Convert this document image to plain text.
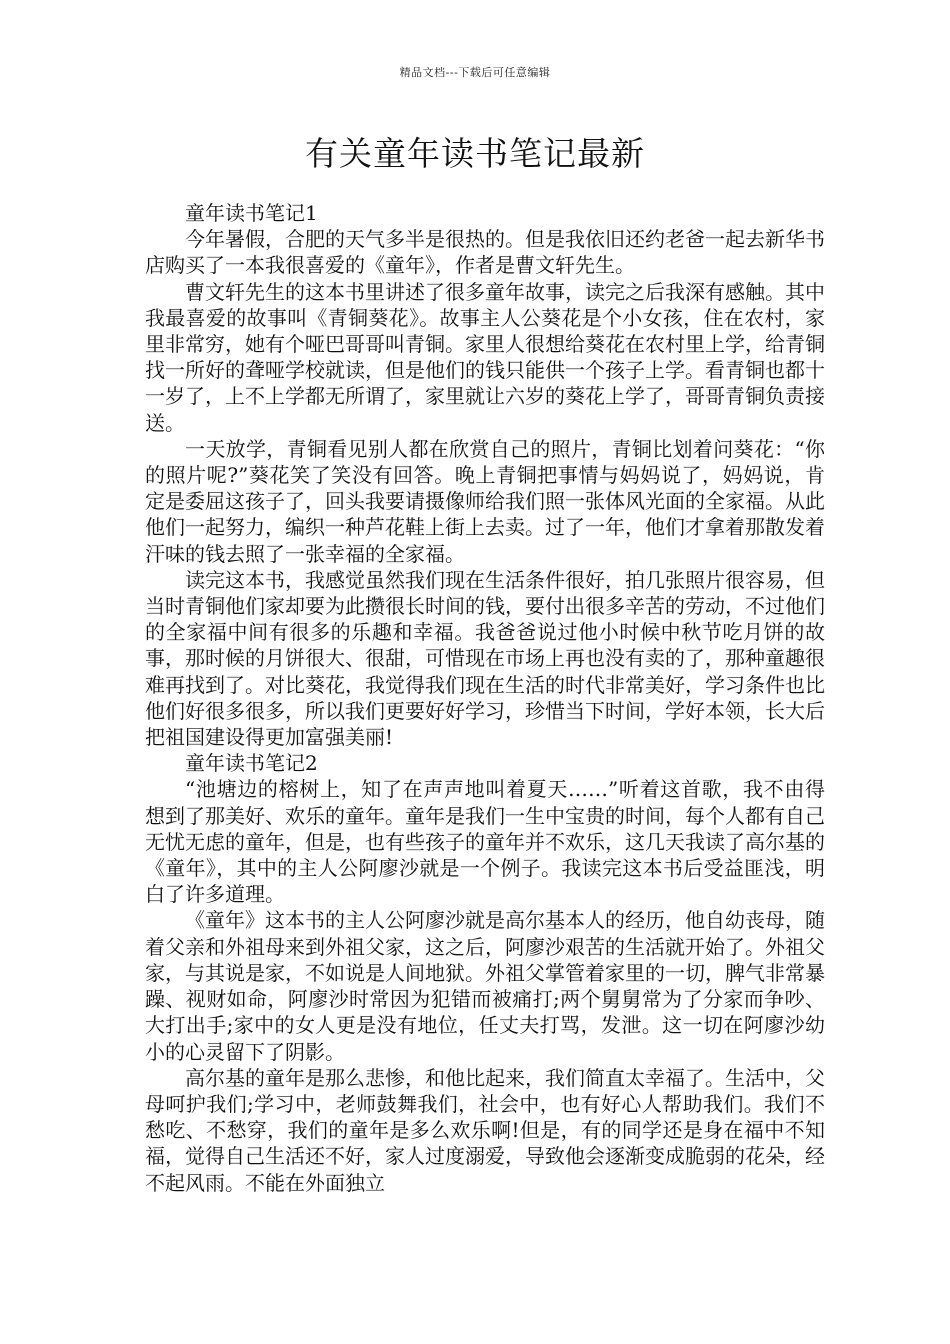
精品文档---下载后可任意编辑
有关童年读书笔记最新

童年读书笔记1

今年暑假，合肥的天气多半是很热的。但是我依旧还约老爸一起去新华书店购买了一本我很喜爱的《童年》，作者是曹文轩先生。

曹文轩先生的这本书里讲述了很多童年故事，读完之后我深有感触。其中我最喜爱的故事叫《青铜葵花》。故事主人公葵花是个小女孩，住在农村，家里非常穷，她有个哑巴哥哥叫青铜。家里人很想给葵花在农村里上学，给青铜找一所好的聋哑学校就读，但是他们的钱只能供一个孩子上学。看青铜也都十一岁了，上不上学都无所谓了，家里就让六岁的葵花上学了，哥哥青铜负责接送。

一天放学，青铜看见别人都在欣赏自己的照片，青铜比划着问葵花：“你的照片呢?”葵花笑了笑没有回答。晚上青铜把事情与妈妈说了，妈妈说，肯定是委屈这孩子了，回头我要请摄像师给我们照一张体风光面的全家福。从此他们一起努力，编织一种芦花鞋上街上去卖。过了一年，他们才拿着那散发着汗味的钱去照了一张幸福的全家福。

读完这本书，我感觉虽然我们现在生活条件很好，拍几张照片很容易，但当时青铜他们家却要为此攒很长时间的钱，要付出很多辛苦的劳动，不过他们的全家福中间有很多的乐趣和幸福。我爸爸说过他小时候中秋节吃月饼的故事，那时候的月饼很大、很甜，可惜现在市场上再也没有卖的了，那种童趣很难再找到了。对比葵花，我觉得我们现在生活的时代非常美好，学习条件也比他们好很多很多，所以我们更要好好学习，珍惜当下时间，学好本领，长大后把祖国建设得更加富强美丽!

童年读书笔记2

“池塘边的榕树上，知了在声声地叫着夏天……”听着这首歌，我不由得想到了那美好、欢乐的童年。童年是我们一生中宝贵的时间，每个人都有自己无忧无虑的童年，但是，也有些孩子的童年并不欢乐，这几天我读了高尔基的《童年》，其中的主人公阿廖沙就是一个例子。我读完这本书后受益匪浅，明白了许多道理。

《童年》这本书的主人公阿廖沙就是高尔基本人的经历，他自幼丧母，随着父亲和外祖母来到外祖父家，这之后，阿廖沙艰苦的生活就开始了。外祖父家，与其说是家，不如说是人间地狱。外祖父掌管着家里的一切，脾气非常暴躁、视财如命，阿廖沙时常因为犯错而被痛打;两个舅舅常为了分家而争吵、大打出手;家中的女人更是没有地位，任丈夫打骂，发泄。这一切在阿廖沙幼小的心灵留下了阴影。

高尔基的童年是那么悲惨，和他比起来，我们简直太幸福了。生活中，父母呵护我们;学习中，老师鼓舞我们，社会中，也有好心人帮助我们。我们不愁吃、不愁穿，我们的童年是多么欢乐啊!但是，有的同学还是身在福中不知福，觉得自己生活还不好，家人过度溺爱，导致他会逐渐变成脆弱的花朵，经不起风雨。不能在外面独立
